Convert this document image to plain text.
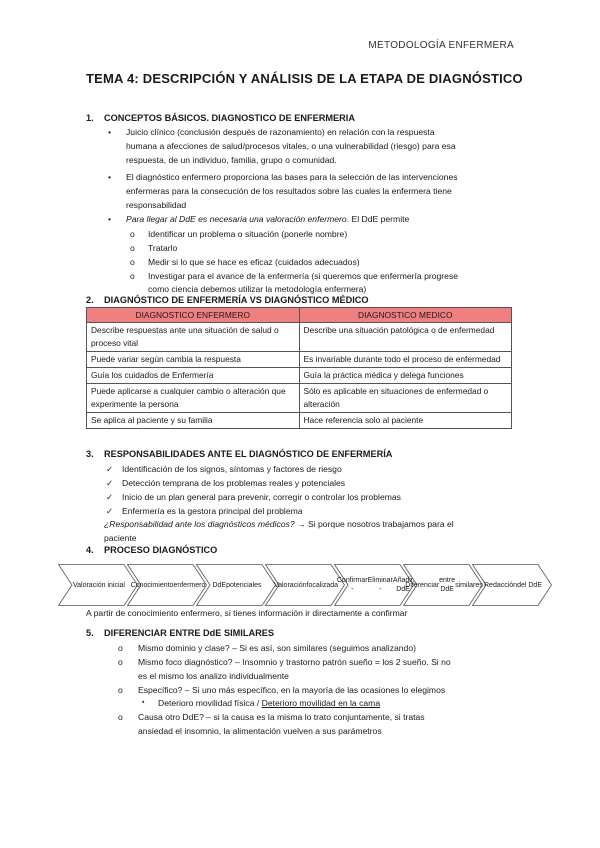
METODOLOGÍA ENFERMERA
TEMA 4: DESCRIPCIÓN Y ANÁLISIS DE LA ETAPA DE DIAGNÓSTICO
1. CONCEPTOS BÁSICOS. DIAGNOSTICO DE ENFERMERIA
• Juicio clínico (conclusión después de razonamiento) en relación con la respuesta
humana a afecciones de salud/procesos vitales, o una vulnerabilidad (riesgo) para esa
respuesta, de un individuo, familia, grupo o comunidad.
• El diagnóstico enfermero proporciona las bases para la selección de las intervenciones
enfermeras para la consecución de los resultados sobre las cuales la enfermera tiene
responsabilidad
• Para llegar al DdE es necesaria una valoración enfermero. El DdE permite
o Identificar un problema o situación (ponerle nombre)
o Tratarlo
o Medir si lo que se hace es eficaz (cuidados adecuados)
o Investigar para el avance de la enfermería (si queremos que enfermería progrese
como ciencia debemos utilizar la metodología enfermera)
2. DIAGNÓSTICO DE ENFERMERÍA VS DIAGNÓSTICO MÉDICO
DIAGNOSTICO ENFERMERO	DIAGNOSTICO MEDICO
Describe respuestas ante una situación de salud o proceso vital	Describe una situación patológica o de enfermedad
Puede variar según cambia la respuesta	Es invariable durante todo el proceso de enfermedad
Guía los cuidados de Enfermería	Guía la práctica médica y delega funciones
Puede aplicarse a cualquier cambio o alteración que experimente la persona	Sólo es aplicable en situaciones de enfermedad o alteración
Se aplica al paciente y su familia	Hace referencia solo al paciente
3. RESPONSABILIDADES ANTE EL DIAGNÓSTICO DE ENFERMERÍA
✓ Identificación de los signos, síntomas y factores de riesgo
✓ Detección temprana de los problemas reales y potenciales
✓ Inicio de un plan general para prevenir, corregir o controlar los problemas
✓ Enfermería es la gestora principal del problema
¿Responsabilidad ante los diagnósticos médicos? → Si porque nosotros trabajamos para el
paciente
4. PROCESO DIAGNÓSTICO
Valoración inicial Conocimiento enfermero DdE potenciales Valoración focalizada
Confirmar -

Eliminar -

Añadir DdE
Diferenciar

entre DdE

similares Redacción del DdE
A partir de conocimiento enfermero, si tienes información ir directamente a confirmar
5. DIFERENCIAR ENTRE DdE SIMILARES
o Mismo dominio y clase? – Si es así, son similares (seguimos analizando)
o Mismo foco diagnóstico? – Insomnio y trastorno patrón sueño = los 2 sueño. Si no
es el mismo los analizo individualmente
o Específico? – Si uno más específico, en la mayoría de las ocasiones lo elegimos
▪ Deterioro movilidad física / Deterioro movilidad en la cama
o Causa otro DdE? – si la causa es la misma lo trato conjuntamente, si tratas
ansiedad el insomnio, la alimentación vuelven a sus parámetros
